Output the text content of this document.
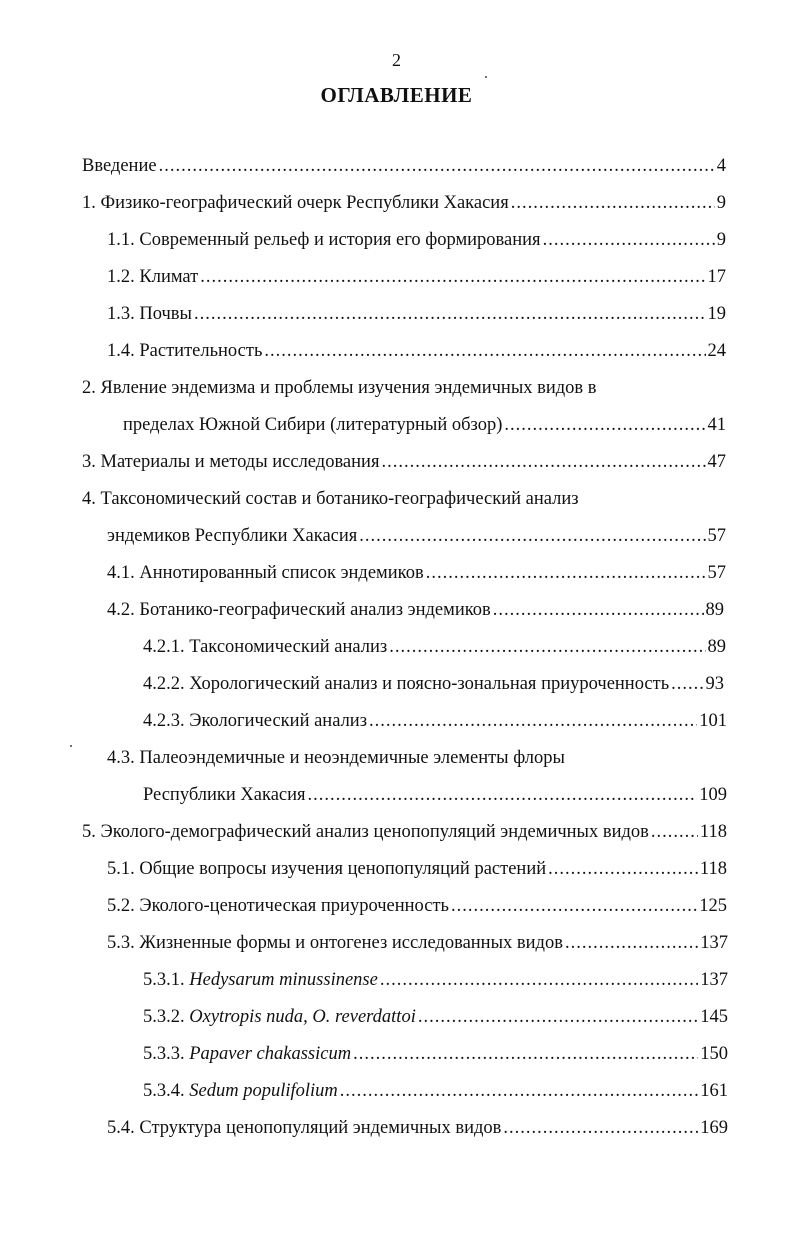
2
ОГЛАВЛЕНИЕ
Введение .....	4
1. Физико-географический очерк Республики Хакасия .....	9
1.1. Современный рельеф и история его формирования .....	9
1.2. Климат .....	17
1.3. Почвы .....	19
1.4. Растительность .....	24
2. Явление эндемизма и проблемы изучения эндемичных видов в
пределах Южной Сибири (литературный обзор) .....	41
3. Материалы и методы исследования .....	47
4. Таксономический состав и ботанико-географический анализ
эндемиков Республики Хакасия .....	57
4.1. Аннотированный список эндемиков .....	57
4.2. Ботанико-географический анализ эндемиков .....	89
4.2.1. Таксономический анализ .....	89
4.2.2. Хорологический анализ и поясно-зональная приуроченность ..... 93
4.2.3. Экологический анализ .....	101
4.3. Палеоэндемичные и неоэндемичные элементы флоры
Республики Хакасия .....	109
5. Эколого-демографический анализ ценопопуляций эндемичных видов .....	118
5.1. Общие вопросы изучения ценопопуляций растений .....	118
5.2. Эколого-ценотическая приуроченность .....	125
5.3. Жизненные формы и онтогенез исследованных видов .....	137
5.3.1. Hedysarum minussinense .....	137
5.3.2. Oxytropis nuda, O. reverdattoi .....	145
5.3.3. Papaver chakassicum .....	150
5.3.4. Sedum populifolium .....	161
5.4. Структура ценопопуляций эндемичных видов .....	169
